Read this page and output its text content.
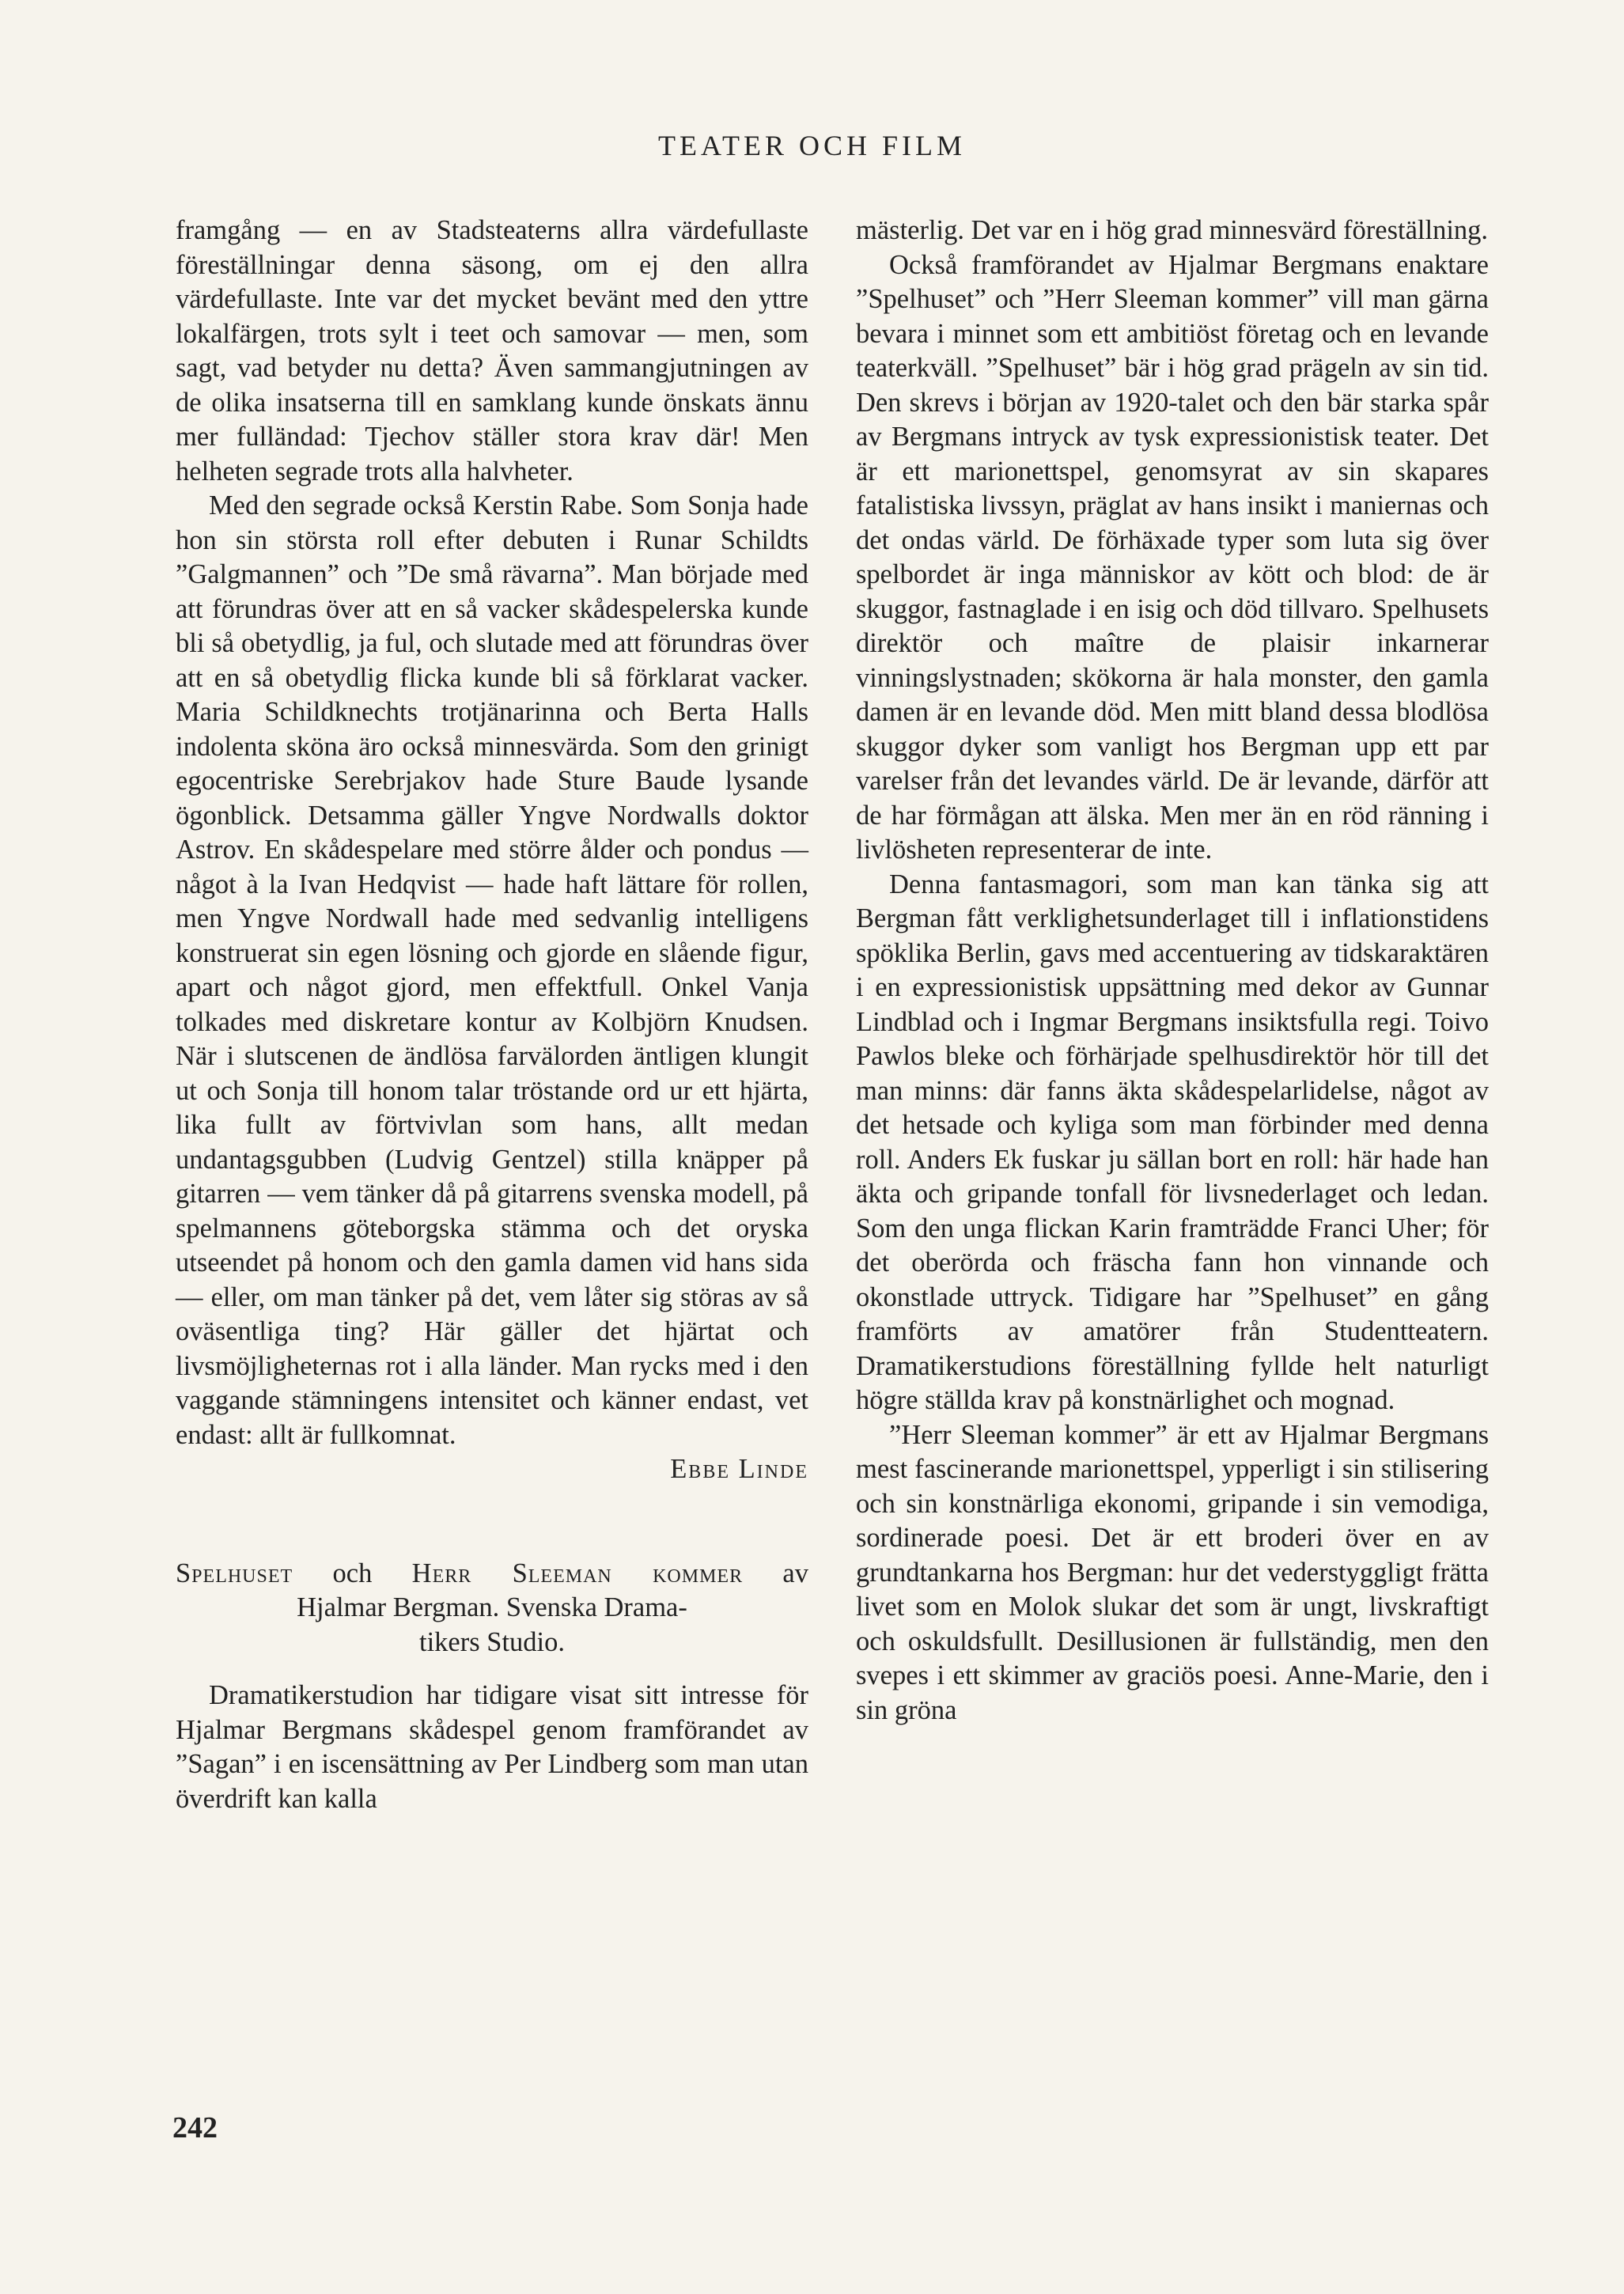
TEATER OCH FILM

framgång — en av Stadsteaterns allra värdefullaste föreställningar denna säsong, om ej den allra värdefullaste. Inte var det mycket bevänt med den yttre lokalfärgen, trots sylt i teet och samovar — men, som sagt, vad betyder nu detta? Även sammangjutningen av de olika insatserna till en samklang kunde önskats ännu mer fulländad: Tjechov ställer stora krav där! Men helheten segrade trots alla halvheter.

Med den segrade också Kerstin Rabe. Som Sonja hade hon sin största roll efter debuten i Runar Schildts ”Galgmannen” och ”De små rävarna”. Man började med att förundras över att en så vacker skådespelerska kunde bli så obetydlig, ja ful, och slutade med att förundras över att en så obetydlig flicka kunde bli så förklarat vacker. Maria Schildknechts trotjänarinna och Berta Halls indolenta sköna äro också minnesvärda. Som den grinigt egocentriske Serebrjakov hade Sture Baude lysande ögonblick. Detsamma gäller Yngve Nordwalls doktor Astrov. En skådespelare med större ålder och pondus — något à la Ivan Hedqvist — hade haft lättare för rollen, men Yngve Nordwall hade med sedvanlig intelligens konstruerat sin egen lösning och gjorde en slående figur, apart och något gjord, men effektfull. Onkel Vanja tolkades med diskretare kontur av Kolbjörn Knudsen. När i slutscenen de ändlösa farvälorden äntligen klungit ut och Sonja till honom talar tröstande ord ur ett hjärta, lika fullt av förtvivlan som hans, allt medan undantagsgubben (Ludvig Gentzel) stilla knäpper på gitarren — vem tänker då på gitarrens svenska modell, på spelmannens göteborgska stämma och det oryska utseendet på honom och den gamla damen vid hans sida — eller, om man tänker på det, vem låter sig störas av så oväsentliga ting? Här gäller det hjärtat och livsmöjligheternas rot i alla länder. Man rycks med i den vaggande stämningens intensitet och känner endast, vet endast: allt är fullkomnat.

Ebbe Linde

Spelhuset och Herr Sleeman kommer av
Hjalmar Bergman. Svenska Drama-
tikers Studio.

Dramatikerstudion har tidigare visat sitt intresse för Hjalmar Bergmans skådespel genom framförandet av ”Sagan” i en iscensättning av Per Lindberg som man utan överdrift kan kalla

mästerlig. Det var en i hög grad minnesvärd föreställning.

Också framförandet av Hjalmar Bergmans enaktare ”Spelhuset” och ”Herr Sleeman kommer” vill man gärna bevara i minnet som ett ambitiöst företag och en levande teaterkväll. ”Spelhuset” bär i hög grad prägeln av sin tid. Den skrevs i början av 1920-talet och den bär starka spår av Bergmans intryck av tysk expressionistisk teater. Det är ett marionettspel, genomsyrat av sin skapares fatalistiska livssyn, präglat av hans insikt i maniernas och det ondas värld. De förhäxade typer som luta sig över spelbordet är inga människor av kött och blod: de är skuggor, fastnaglade i en isig och död tillvaro. Spelhusets direktör och maître de plaisir inkarnerar vinningslystnaden; skökorna är hala monster, den gamla damen är en levande död. Men mitt bland dessa blodlösa skuggor dyker som vanligt hos Bergman upp ett par varelser från det levandes värld. De är levande, därför att de har förmågan att älska. Men mer än en röd ränning i livlösheten representerar de inte.

Denna fantasmagori, som man kan tänka sig att Bergman fått verklighetsunderlaget till i inflationstidens spöklika Berlin, gavs med accentuering av tidskaraktären i en expressionistisk uppsättning med dekor av Gunnar Lindblad och i Ingmar Bergmans insiktsfulla regi. Toivo Pawlos bleke och förhärjade spelhusdirektör hör till det man minns: där fanns äkta skådespelarlidelse, något av det hetsade och kyliga som man förbinder med denna roll. Anders Ek fuskar ju sällan bort en roll: här hade han äkta och gripande tonfall för livsnederlaget och ledan. Som den unga flickan Karin framträdde Franci Uher; för det oberörda och fräscha fann hon vinnande och okonstlade uttryck. Tidigare har ”Spelhuset” en gång framförts av amatörer från Studentteatern. Dramatikerstudions föreställning fyllde helt naturligt högre ställda krav på konstnärlighet och mognad.

”Herr Sleeman kommer” är ett av Hjalmar Bergmans mest fascinerande marionettspel, ypperligt i sin stilisering och sin konstnärliga ekonomi, gripande i sin vemodiga, sordinerade poesi. Det är ett broderi över en av grundtankarna hos Bergman: hur det vederstyggligt frätta livet som en Molok slukar det som är ungt, livskraftigt och oskuldsfullt. Desillusionen är fullständig, men den svepes i ett skimmer av graciös poesi. Anne-Marie, den i sin gröna

242
